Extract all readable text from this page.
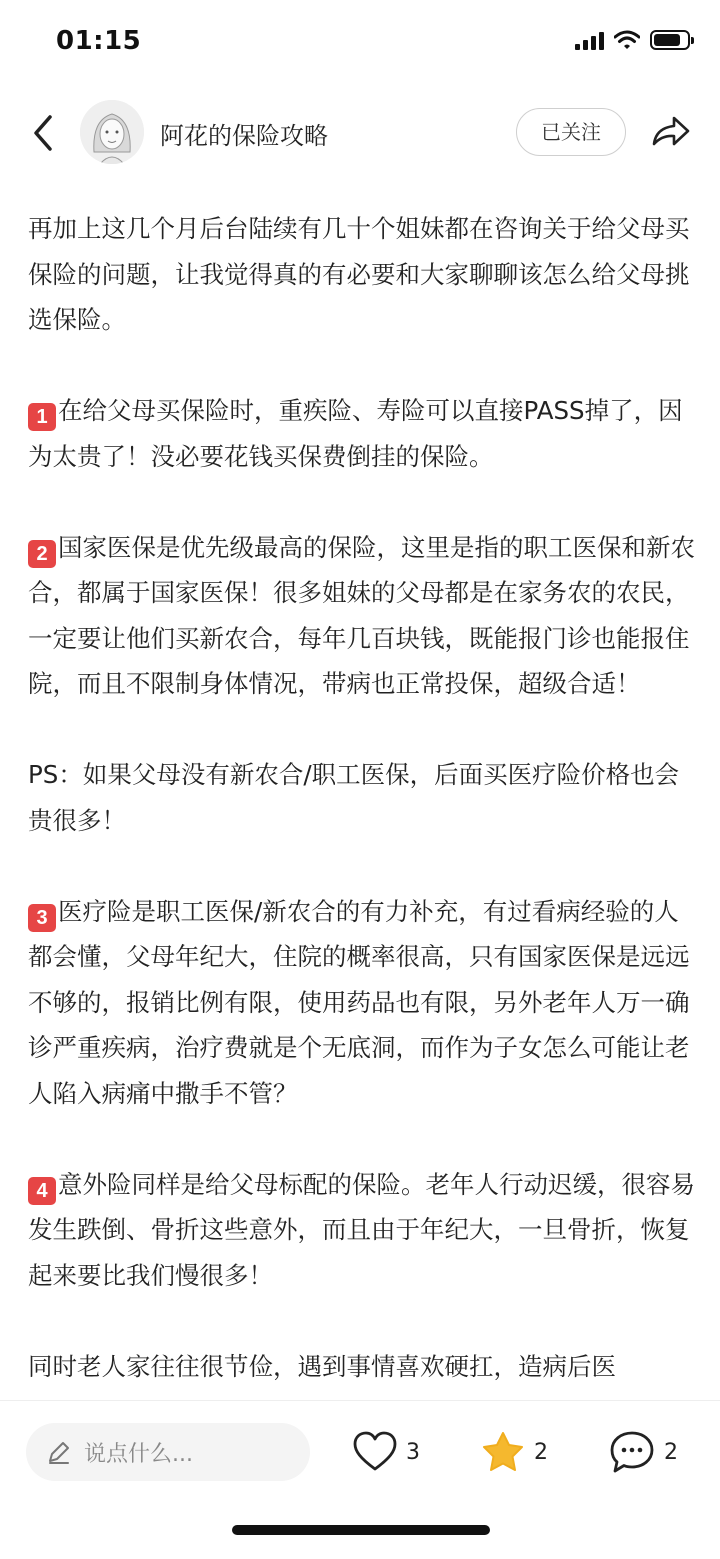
01:15
阿花的保险攻略	已关注

再加上这几个月后台陆续有几十个姐妹都在咨询关于给父母买保险的问题，让我觉得真的有必要和大家聊聊该怎么给父母挑选保险。

1 在给父母买保险时，重疾险、寿险可以直接PASS掉了，因为太贵了！没必要花钱买保费倒挂的保险。

2 国家医保是优先级最高的保险，这里是指的职工医保和新农合，都属于国家医保！很多姐妹的父母都是在家务农的农民，一定要让他们买新农合，每年几百块钱，既能报门诊也能报住院，而且不限制身体情况，带病也正常投保，超级合适！

PS：如果父母没有新农合/职工医保，后面买医疗险价格也会贵很多！

3 医疗险是职工医保/新农合的有力补充，有过看病经验的人都会懂，父母年纪大，住院的概率很高，只有国家医保是远远不够的，报销比例有限，使用药品也有限，另外老年人万一确诊严重疾病，治疗费就是个无底洞，而作为子女怎么可能让老人陷入病痛中撒手不管？

4 意外险同样是给父母标配的保险。老年人行动迟缓，很容易发生跌倒、骨折这些意外，而且由于年纪大，一旦骨折，恢复起来要比我们慢很多！

同时老人家往往很节俭，遇到事情喜欢硬扛，造病后医

说点什么...	3	2	2
